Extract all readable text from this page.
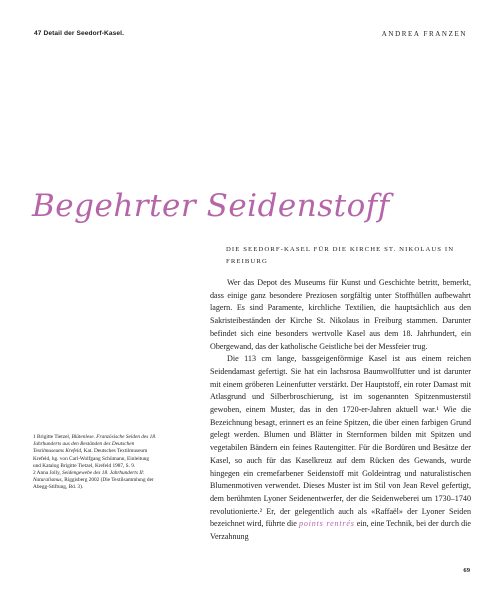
47 Detail der Seedorf-Kasel.	ANDREA FRANZEN
Begehrter Seidenstoff
DIE SEEDORF-KASEL FÜR DIE KIRCHE ST. NIKOLAUS IN FREIBURG

Wer das Depot des Museums für Kunst und Geschichte betritt, bemerkt, dass einige ganz besondere Preziosen sorgfältig unter Stoffhüllen aufbewahrt lagern. Es sind Paramente, kirchliche Textilien, die hauptsächlich aus den Sakristeibeständen der Kirche St. Nikolaus in Freiburg stammen. Darunter befindet sich eine besonders wertvolle Kasel aus dem 18. Jahrhundert, ein Obergewand, das der katholische Geistliche bei der Messfeier trug.

Die 113 cm lange, bassgeigenförmige Kasel ist aus einem reichen Seidendamast gefertigt. Sie hat ein lachsrosa Baumwollfutter und ist darunter mit einem gröberen Leinenfutter verstärkt. Der Hauptstoff, ein roter Damast mit Atlasgrund und Silberbroschierung, ist im sogenannten Spitzenmusterstil gewoben, einem Muster, das in den 1720-er-Jahren aktuell war.¹ Wie die Bezeichnung besagt, erinnert es an feine Spitzen, die über einen farbigen Grund gelegt werden. Blumen und Blätter in Sternformen bilden mit Spitzen und vegetabilen Bändern ein feines Rautengitter. Für die Bordüren und Besätze der Kasel, so auch für das Kaselkreuz auf dem Rücken des Gewands, wurde hingegen ein cremefarbener Seidenstoff mit Goldeintrag und naturalistischen Blumenmotiven verwendet. Dieses Muster ist im Stil von Jean Revel gefertigt, dem berühmten Lyoner Seidenentwerfer, der die Seidenweberei um 1730–1740 revolutionierte.² Er, der gelegentlich auch als «Raffaël» der Lyoner Seiden bezeichnet wird, führte die points rentrés ein, eine Technik, bei der durch die Verzahnung

1 Brigitte Tietzel, Blütenlese. Französische Seiden des 18. Jahrhunderts aus den Beständen des Deutschen Textilmuseums Krefeld, Kat. Deutsches Textilmuseum Krefeld, hg. von Carl-Wolfgang Schümann, Einleitung und Katalog Brigitte Tietzel, Krefeld 1987, S. 9.

2 Anna Jolly, Seidengewebe des 18. Jahrhunderts II: Naturalismus, Riggisberg 2002 (Die Textilsammlung der Abegg-Stiftung, Bd. 3).

69
